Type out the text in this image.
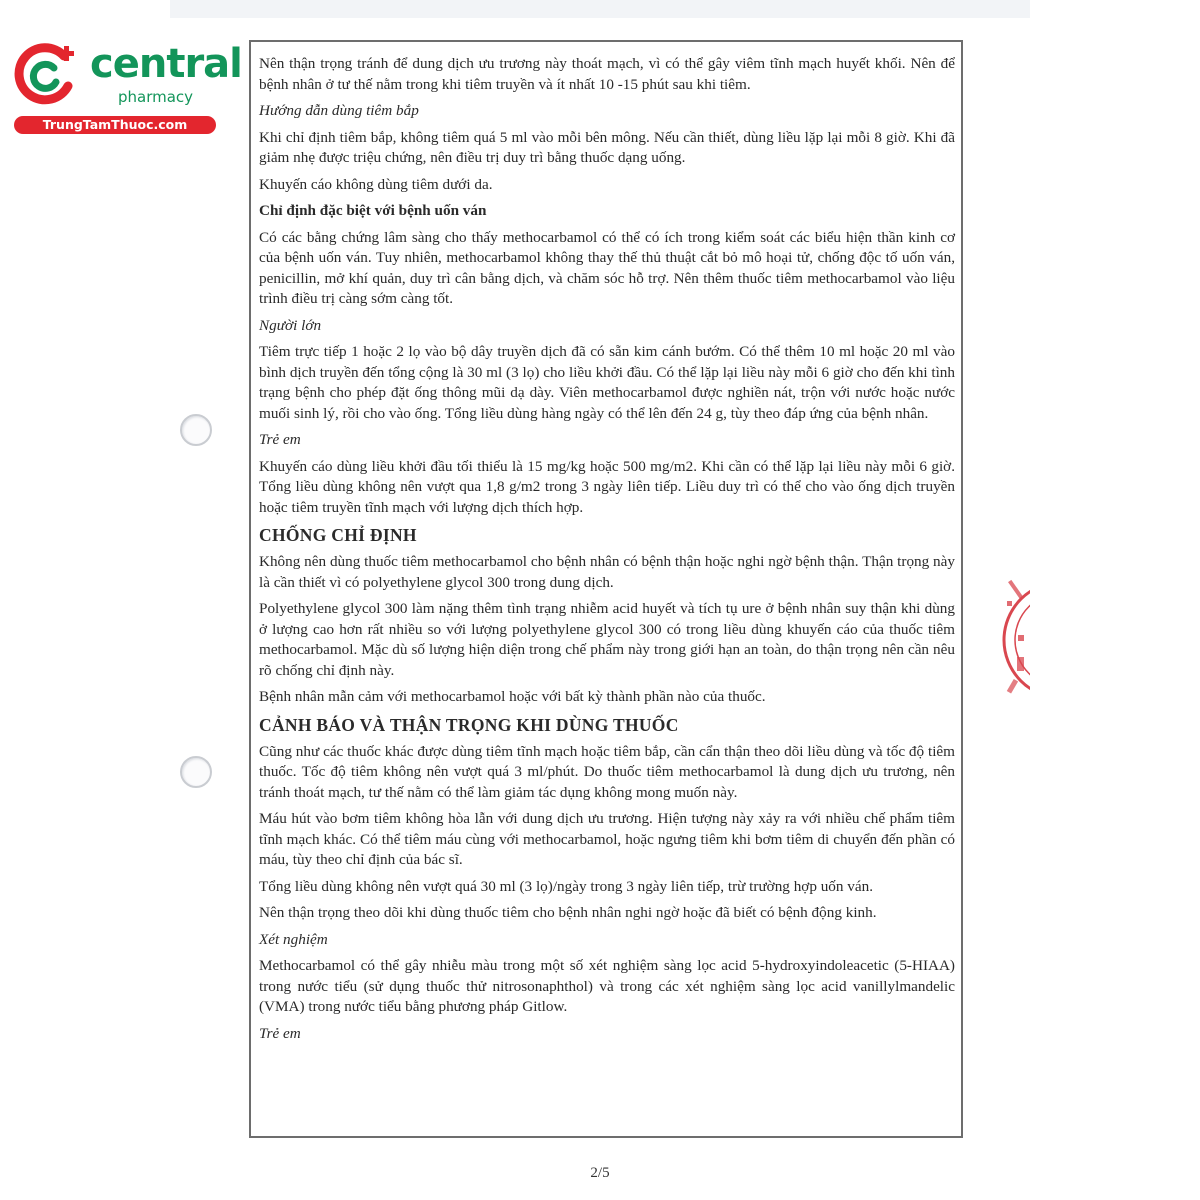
central
pharmacy
TrungTamThuoc.com

Nên thận trọng tránh để dung dịch ưu trương này thoát mạch, vì có thể gây viêm tĩnh mạch huyết khối. Nên để bệnh nhân ở tư thế nằm trong khi tiêm truyền và ít nhất 10 -15 phút sau khi tiêm.

Hướng dẫn dùng tiêm bắp

Khi chỉ định tiêm bắp, không tiêm quá 5 ml vào mỗi bên mông. Nếu cần thiết, dùng liều lặp lại mỗi 8 giờ. Khi đã giảm nhẹ được triệu chứng, nên điều trị duy trì bằng thuốc dạng uống.

Khuyến cáo không dùng tiêm dưới da.

Chỉ định đặc biệt với bệnh uốn ván

Có các bằng chứng lâm sàng cho thấy methocarbamol có thể có ích trong kiểm soát các biểu hiện thần kinh cơ của bệnh uốn ván. Tuy nhiên, methocarbamol không thay thế thủ thuật cắt bỏ mô hoại tử, chống độc tố uốn ván, penicillin, mở khí quản, duy trì cân bằng dịch, và chăm sóc hỗ trợ. Nên thêm thuốc tiêm methocarbamol vào liệu trình điều trị càng sớm càng tốt.

Người lớn

Tiêm trực tiếp 1 hoặc 2 lọ vào bộ dây truyền dịch đã có sẵn kim cánh bướm. Có thể thêm 10 ml hoặc 20 ml vào bình dịch truyền đến tổng cộng là 30 ml (3 lọ) cho liều khởi đầu. Có thể lặp lại liều này mỗi 6 giờ cho đến khi tình trạng bệnh cho phép đặt ống thông mũi dạ dày. Viên methocarbamol được nghiền nát, trộn với nước hoặc nước muối sinh lý, rồi cho vào ống. Tổng liều dùng hàng ngày có thể lên đến 24 g, tùy theo đáp ứng của bệnh nhân.

Trẻ em

Khuyến cáo dùng liều khởi đầu tối thiểu là 15 mg/kg hoặc 500 mg/m2. Khi cần có thể lặp lại liều này mỗi 6 giờ. Tổng liều dùng không nên vượt qua 1,8 g/m2 trong 3 ngày liên tiếp. Liều duy trì có thể cho vào ống dịch truyền hoặc tiêm truyền tĩnh mạch với lượng dịch thích hợp.

CHỐNG CHỈ ĐỊNH

Không nên dùng thuốc tiêm methocarbamol cho bệnh nhân có bệnh thận hoặc nghi ngờ bệnh thận. Thận trọng này là cần thiết vì có polyethylene glycol 300 trong dung dịch.

Polyethylene glycol 300 làm nặng thêm tình trạng nhiễm acid huyết và tích tụ ure ở bệnh nhân suy thận khi dùng ở lượng cao hơn rất nhiều so với lượng polyethylene glycol 300 có trong liều dùng khuyến cáo của thuốc tiêm methocarbamol. Mặc dù số lượng hiện diện trong chế phẩm này trong giới hạn an toàn, do thận trọng nên cần nêu rõ chống chỉ định này.

Bệnh nhân mẫn cảm với methocarbamol hoặc với bất kỳ thành phần nào của thuốc.

CẢNH BÁO VÀ THẬN TRỌNG KHI DÙNG THUỐC

Cũng như các thuốc khác được dùng tiêm tĩnh mạch hoặc tiêm bắp, cần cẩn thận theo dõi liều dùng và tốc độ tiêm thuốc. Tốc độ tiêm không nên vượt quá 3 ml/phút. Do thuốc tiêm methocarbamol là dung dịch ưu trương, nên tránh thoát mạch, tư thế nằm có thể làm giảm tác dụng không mong muốn này.

Máu hút vào bơm tiêm không hòa lẫn với dung dịch ưu trương. Hiện tượng này xảy ra với nhiều chế phẩm tiêm tĩnh mạch khác. Có thể tiêm máu cùng với methocarbamol, hoặc ngưng tiêm khi bơm tiêm di chuyển đến phần có máu, tùy theo chỉ định của bác sĩ.

Tổng liều dùng không nên vượt quá 30 ml (3 lọ)/ngày trong 3 ngày liên tiếp, trừ trường hợp uốn ván.

Nên thận trọng theo dõi khi dùng thuốc tiêm cho bệnh nhân nghi ngờ hoặc đã biết có bệnh động kinh.

Xét nghiệm

Methocarbamol có thể gây nhiễu màu trong một số xét nghiệm sàng lọc acid 5-hydroxyindoleacetic (5-HIAA) trong nước tiểu (sử dụng thuốc thử nitrosonaphthol) và trong các xét nghiệm sàng lọc acid vanillylmandelic (VMA) trong nước tiểu bằng phương pháp Gitlow.

Trẻ em
2/5
